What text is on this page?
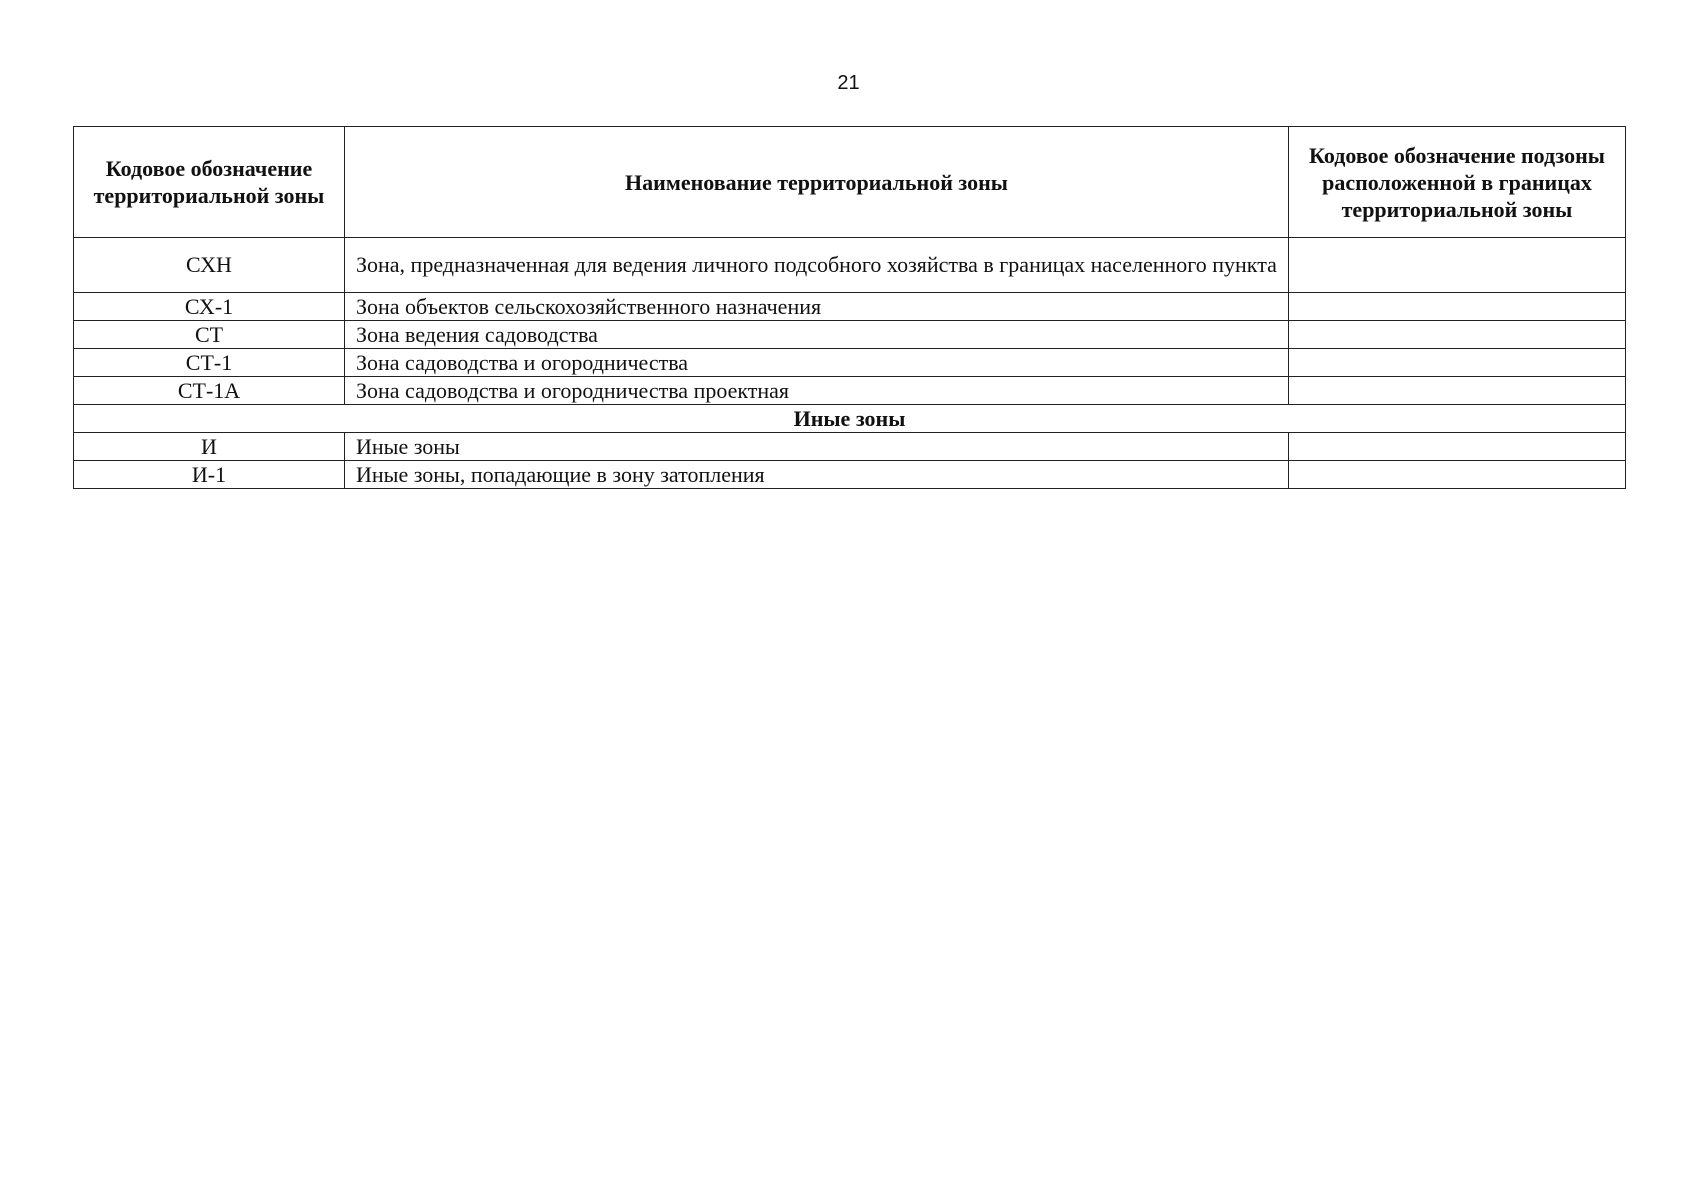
21
Кодовое обозначение территориальной зоны	Наименование территориальной зоны	Кодовое обозначение подзоны расположенной в границах территориальной зоны
СХН	Зона, предназначенная для ведения личного подсобного хозяйства в границах населенного пункта	
СХ-1	Зона объектов сельскохозяйственного назначения	
СТ	Зона ведения садоводства	
СТ-1	Зона садоводства и огородничества	
СТ-1А	Зона садоводства и огородничества проектная	
Иные зоны		
И	Иные зоны	
И-1	Иные зоны, попадающие в зону затопления	
